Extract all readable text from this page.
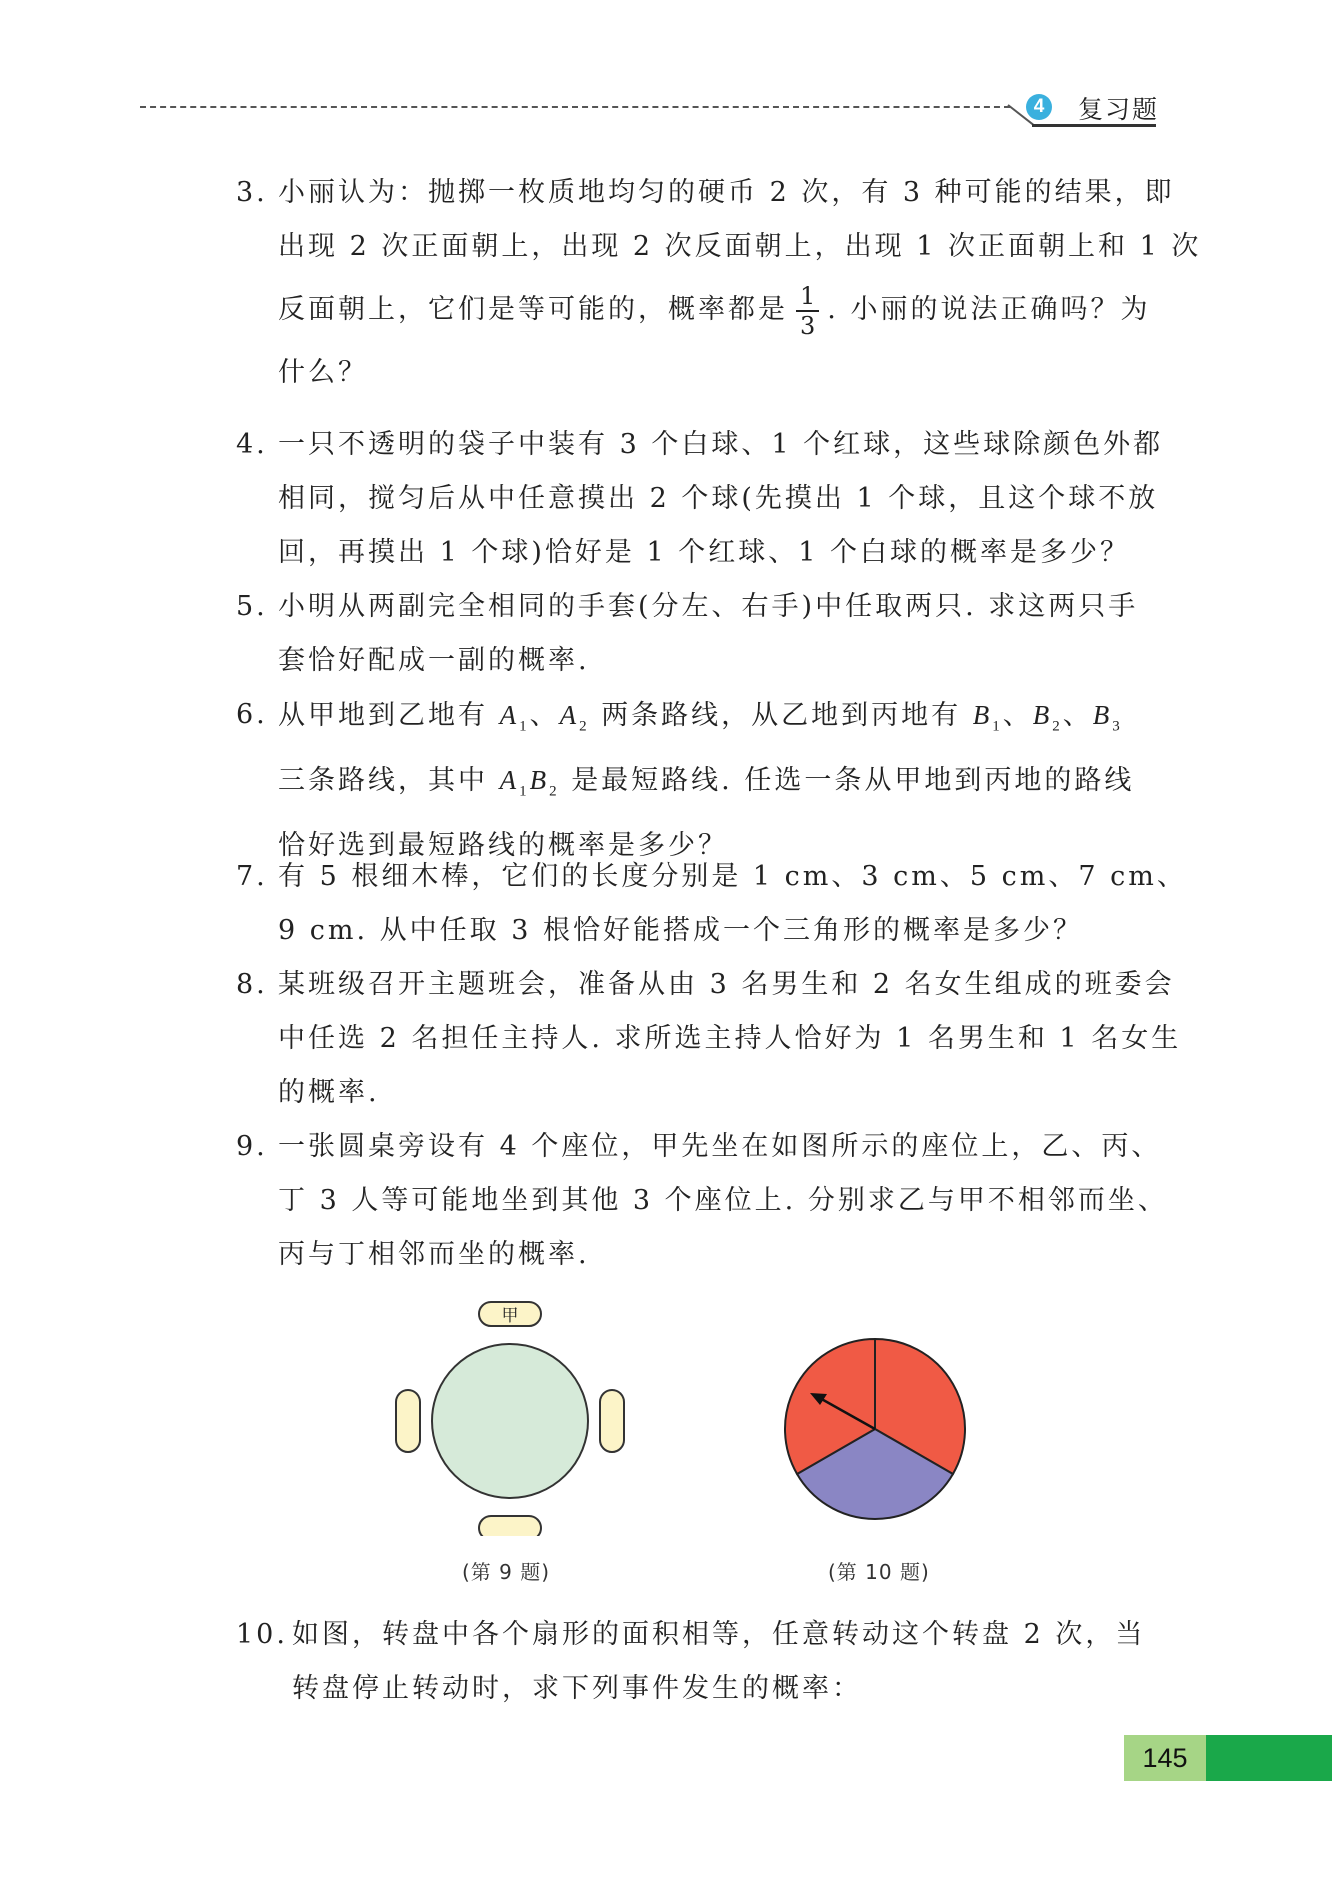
4	复习题
3. 小丽认为：抛掷一枚质地均匀的硬币 2 次，有 3 种可能的结果，即
出现 2 次正面朝上，出现 2 次反面朝上，出现 1 次正面朝上和 1 次
反面朝上，它们是等可能的，概率都是 $\frac{1}{3}$ . 小丽的说法正确吗？为
什么？
4. 一只不透明的袋子中装有 3 个白球、1 个红球，这些球除颜色外都
相同，搅匀后从中任意摸出 2 个球(先摸出 1 个球，且这个球不放
回，再摸出 1 个球)恰好是 1 个红球、1 个白球的概率是多少？
5. 小明从两副完全相同的手套(分左、右手)中任取两只. 求这两只手
套恰好配成一副的概率.
6. 从甲地到乙地有 $A_1$、$A_2$ 两条路线，从乙地到丙地有 $B_1$、$B_2$、$B_3$
三条路线，其中 $A_1B_2$ 是最短路线. 任选一条从甲地到丙地的路线
恰好选到最短路线的概率是多少？
7. 有 5 根细木棒，它们的长度分别是 1 cm、3 cm、5 cm、7 cm、
9 cm. 从中任取 3 根恰好能搭成一个三角形的概率是多少？
8. 某班级召开主题班会，准备从由 3 名男生和 2 名女生组成的班委会
中任选 2 名担任主持人. 求所选主持人恰好为 1 名男生和 1 名女生
的概率.
9. 一张圆桌旁设有 4 个座位，甲先坐在如图所示的座位上，乙、丙、
丁 3 人等可能地坐到其他 3 个座位上. 分别求乙与甲不相邻而坐、
丙与丁相邻而坐的概率.
甲
(第 9 题)	(第 10 题)
10. 如图，转盘中各个扇形的面积相等，任意转动这个转盘 2 次，当
转盘停止转动时，求下列事件发生的概率：
145
